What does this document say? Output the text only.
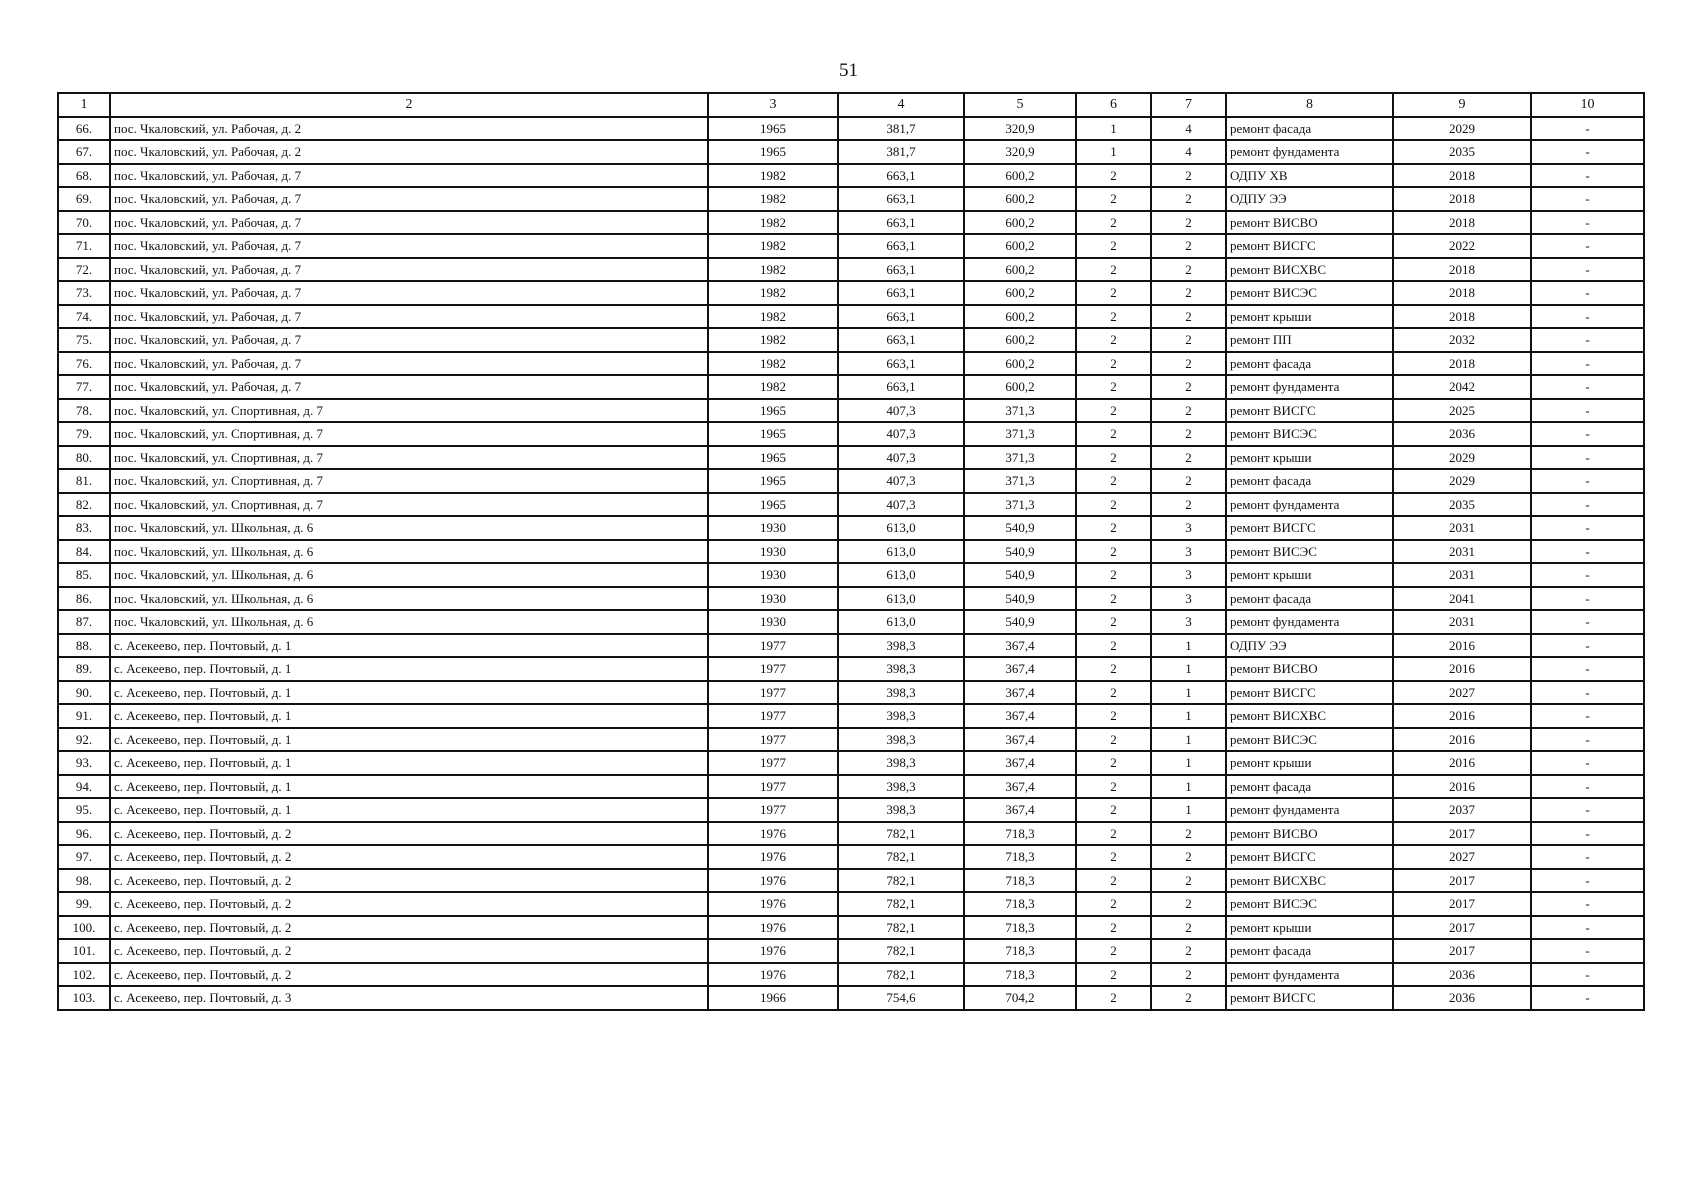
51
1	2	3	4	5	6	7	8	9	10
66.	пос. Чкаловский, ул. Рабочая, д. 2	1965	381,7	320,9	1	4	ремонт фасада	2029	-
67.	пос. Чкаловский, ул. Рабочая, д. 2	1965	381,7	320,9	1	4	ремонт фундамента	2035	-
68.	пос. Чкаловский, ул. Рабочая, д. 7	1982	663,1	600,2	2	2	ОДПУ ХВ	2018	-
69.	пос. Чкаловский, ул. Рабочая, д. 7	1982	663,1	600,2	2	2	ОДПУ ЭЭ	2018	-
70.	пос. Чкаловский, ул. Рабочая, д. 7	1982	663,1	600,2	2	2	ремонт ВИСВО	2018	-
71.	пос. Чкаловский, ул. Рабочая, д. 7	1982	663,1	600,2	2	2	ремонт ВИСГС	2022	-
72.	пос. Чкаловский, ул. Рабочая, д. 7	1982	663,1	600,2	2	2	ремонт ВИСХВС	2018	-
73.	пос. Чкаловский, ул. Рабочая, д. 7	1982	663,1	600,2	2	2	ремонт ВИСЭС	2018	-
74.	пос. Чкаловский, ул. Рабочая, д. 7	1982	663,1	600,2	2	2	ремонт крыши	2018	-
75.	пос. Чкаловский, ул. Рабочая, д. 7	1982	663,1	600,2	2	2	ремонт ПП	2032	-
76.	пос. Чкаловский, ул. Рабочая, д. 7	1982	663,1	600,2	2	2	ремонт фасада	2018	-
77.	пос. Чкаловский, ул. Рабочая, д. 7	1982	663,1	600,2	2	2	ремонт фундамента	2042	-
78.	пос. Чкаловский, ул. Спортивная, д. 7	1965	407,3	371,3	2	2	ремонт ВИСГС	2025	-
79.	пос. Чкаловский, ул. Спортивная, д. 7	1965	407,3	371,3	2	2	ремонт ВИСЭС	2036	-
80.	пос. Чкаловский, ул. Спортивная, д. 7	1965	407,3	371,3	2	2	ремонт крыши	2029	-
81.	пос. Чкаловский, ул. Спортивная, д. 7	1965	407,3	371,3	2	2	ремонт фасада	2029	-
82.	пос. Чкаловский, ул. Спортивная, д. 7	1965	407,3	371,3	2	2	ремонт фундамента	2035	-
83.	пос. Чкаловский, ул. Школьная, д. 6	1930	613,0	540,9	2	3	ремонт ВИСГС	2031	-
84.	пос. Чкаловский, ул. Школьная, д. 6	1930	613,0	540,9	2	3	ремонт ВИСЭС	2031	-
85.	пос. Чкаловский, ул. Школьная, д. 6	1930	613,0	540,9	2	3	ремонт крыши	2031	-
86.	пос. Чкаловский, ул. Школьная, д. 6	1930	613,0	540,9	2	3	ремонт фасада	2041	-
87.	пос. Чкаловский, ул. Школьная, д. 6	1930	613,0	540,9	2	3	ремонт фундамента	2031	-
88.	с. Асекеево, пер. Почтовый, д. 1	1977	398,3	367,4	2	1	ОДПУ ЭЭ	2016	-
89.	с. Асекеево, пер. Почтовый, д. 1	1977	398,3	367,4	2	1	ремонт ВИСВО	2016	-
90.	с. Асекеево, пер. Почтовый, д. 1	1977	398,3	367,4	2	1	ремонт ВИСГС	2027	-
91.	с. Асекеево, пер. Почтовый, д. 1	1977	398,3	367,4	2	1	ремонт ВИСХВС	2016	-
92.	с. Асекеево, пер. Почтовый, д. 1	1977	398,3	367,4	2	1	ремонт ВИСЭС	2016	-
93.	с. Асекеево, пер. Почтовый, д. 1	1977	398,3	367,4	2	1	ремонт крыши	2016	-
94.	с. Асекеево, пер. Почтовый, д. 1	1977	398,3	367,4	2	1	ремонт фасада	2016	-
95.	с. Асекеево, пер. Почтовый, д. 1	1977	398,3	367,4	2	1	ремонт фундамента	2037	-
96.	с. Асекеево, пер. Почтовый, д. 2	1976	782,1	718,3	2	2	ремонт ВИСВО	2017	-
97.	с. Асекеево, пер. Почтовый, д. 2	1976	782,1	718,3	2	2	ремонт ВИСГС	2027	-
98.	с. Асекеево, пер. Почтовый, д. 2	1976	782,1	718,3	2	2	ремонт ВИСХВС	2017	-
99.	с. Асекеево, пер. Почтовый, д. 2	1976	782,1	718,3	2	2	ремонт ВИСЭС	2017	-
100.	с. Асекеево, пер. Почтовый, д. 2	1976	782,1	718,3	2	2	ремонт крыши	2017	-
101.	с. Асекеево, пер. Почтовый, д. 2	1976	782,1	718,3	2	2	ремонт фасада	2017	-
102.	с. Асекеево, пер. Почтовый, д. 2	1976	782,1	718,3	2	2	ремонт фундамента	2036	-
103.	с. Асекеево, пер. Почтовый, д. 3	1966	754,6	704,2	2	2	ремонт ВИСГС	2036	-
